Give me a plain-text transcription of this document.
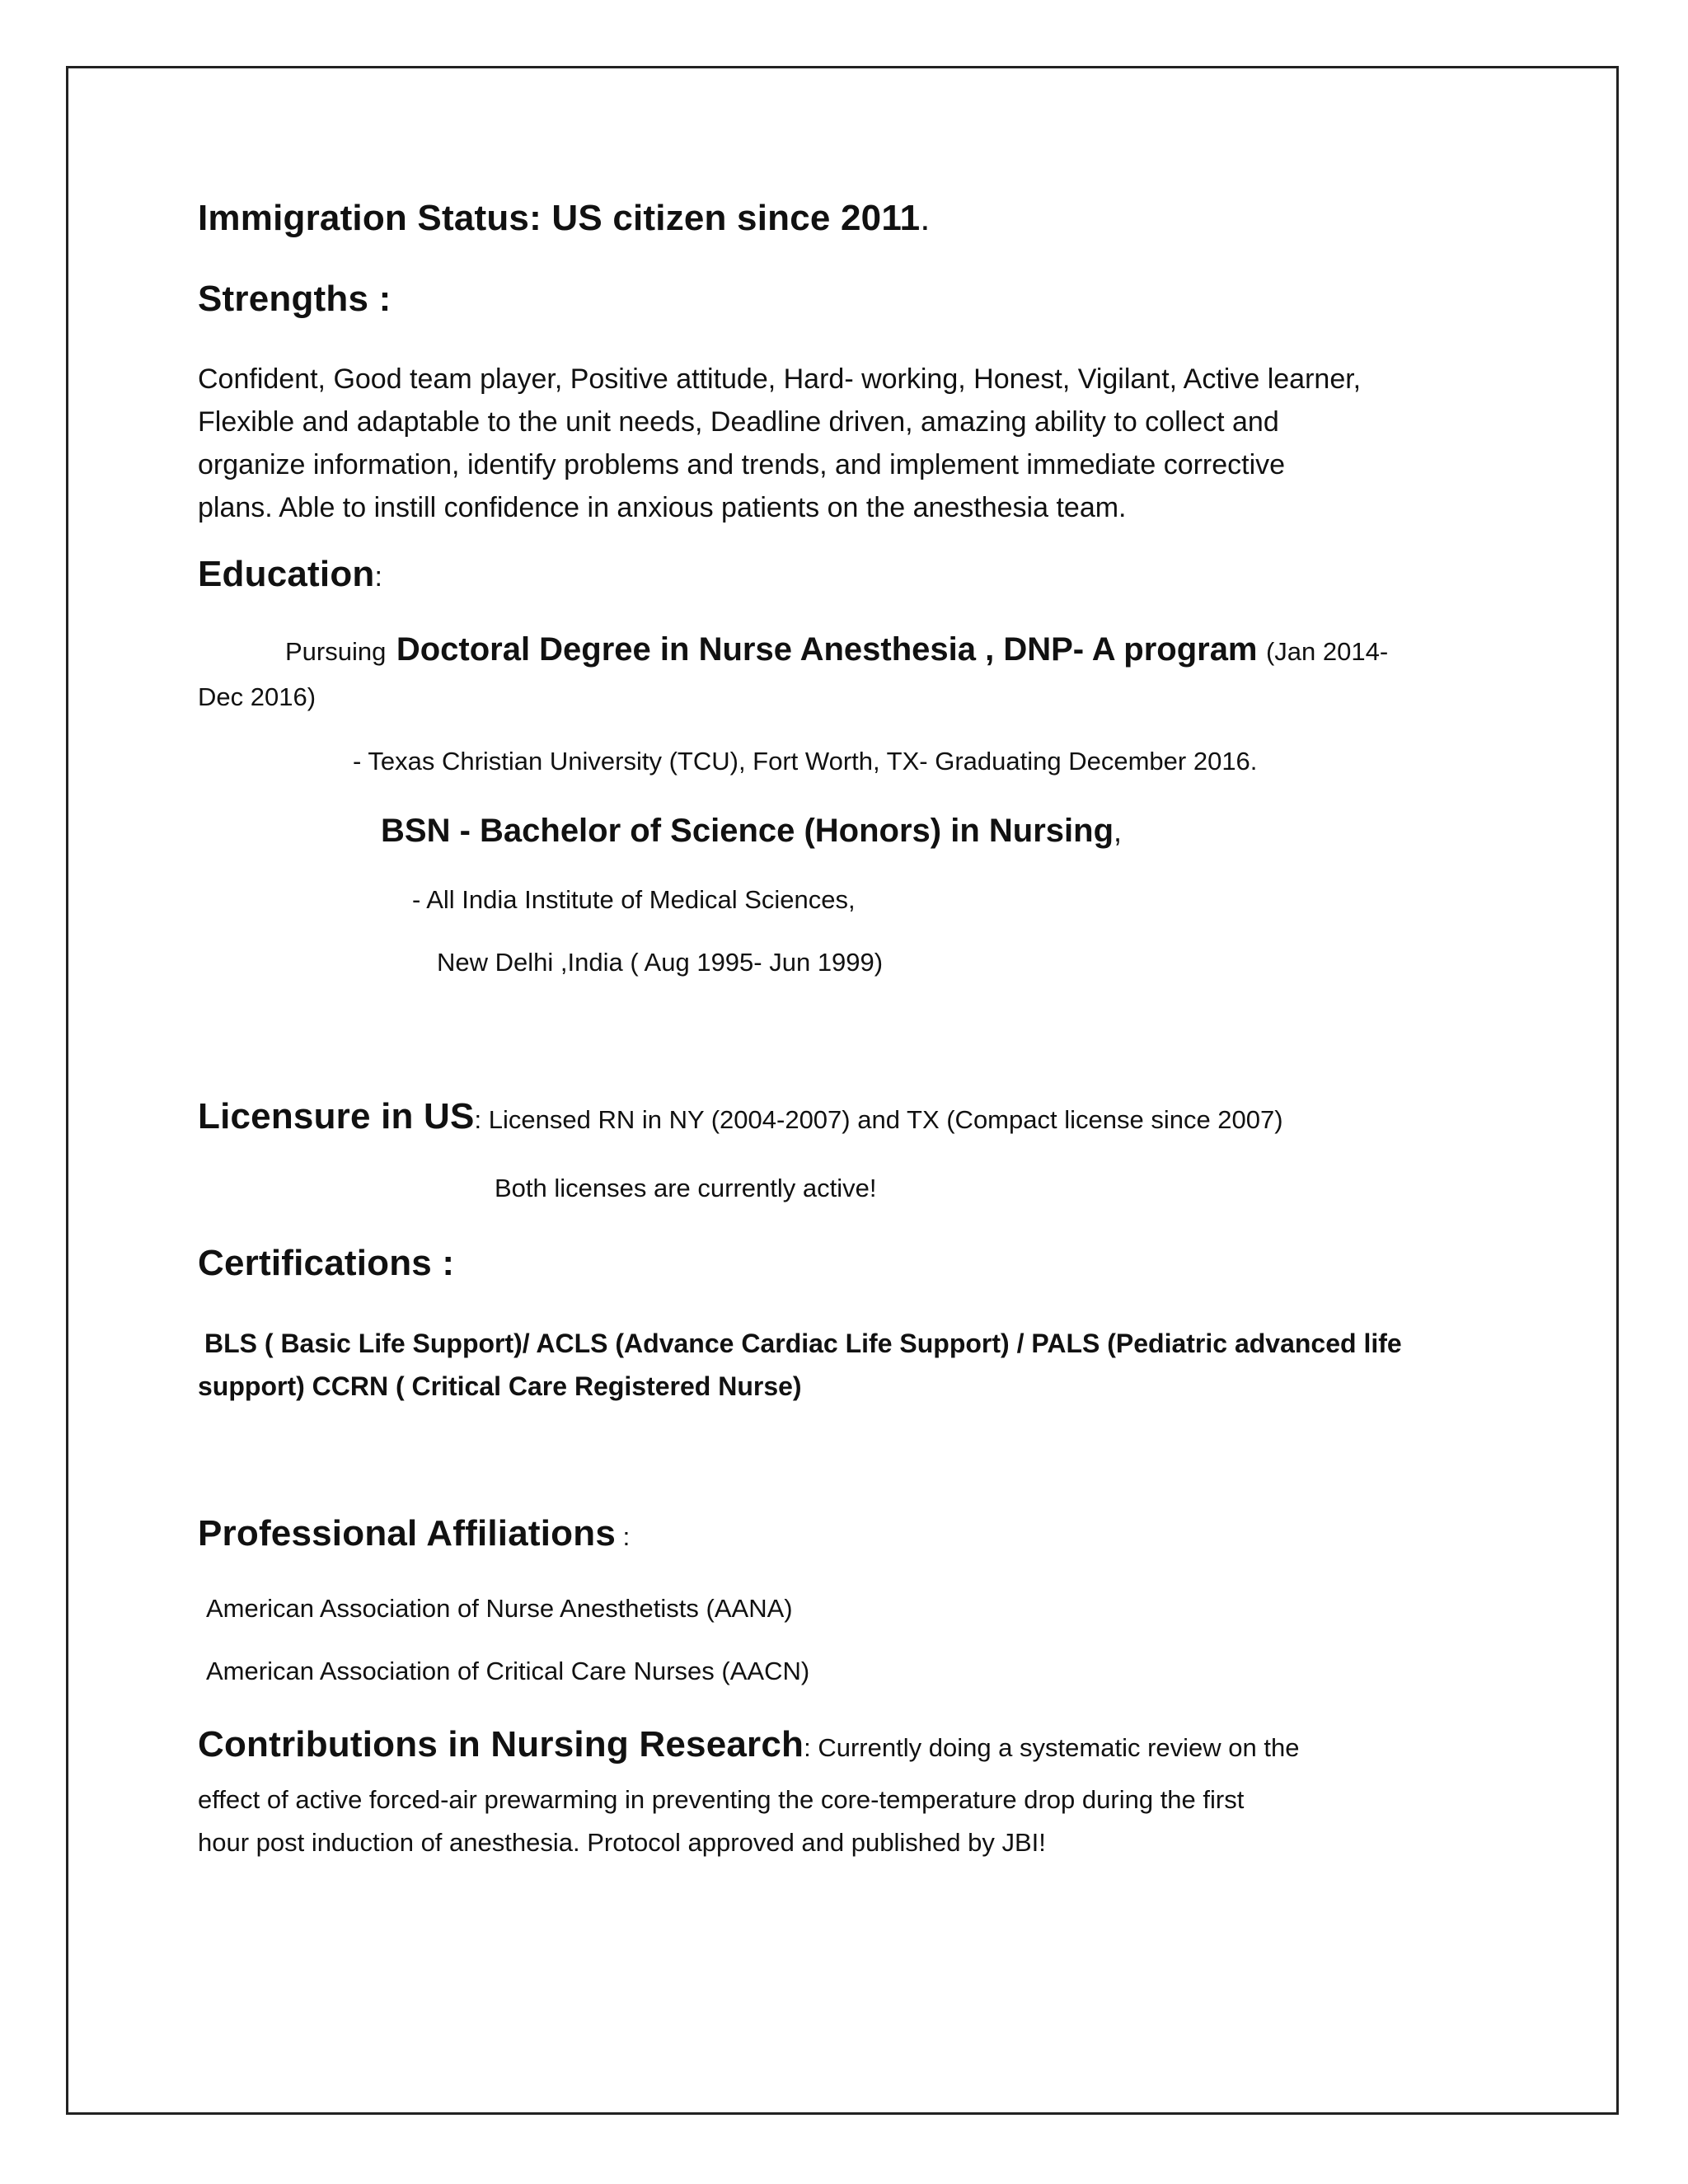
Immigration Status: US citizen since 2011.
Strengths :
Confident, Good team player, Positive attitude, Hard- working, Honest, Vigilant, Active learner,
Flexible and adaptable to the unit needs, Deadline driven, amazing ability to collect and
organize information, identify problems and trends, and implement immediate corrective
plans. Able to instill confidence in anxious patients on the anesthesia team.
Education:
Pursuing Doctoral Degree in Nurse Anesthesia , DNP- A program (Jan 2014-
Dec 2016)
- Texas Christian University (TCU), Fort Worth, TX- Graduating December 2016.
BSN - Bachelor of Science (Honors) in Nursing,
- All India Institute of Medical Sciences,
New Delhi ,India ( Aug 1995- Jun 1999)
Licensure in US: Licensed RN in NY (2004-2007) and TX (Compact license since 2007)
Both licenses are currently active!
Certifications :
BLS ( Basic Life Support)/ ACLS (Advance Cardiac Life Support) / PALS (Pediatric advanced life
support) CCRN ( Critical Care Registered Nurse)
Professional Affiliations :
American Association of Nurse Anesthetists (AANA)
American Association of Critical Care Nurses (AACN)
Contributions in Nursing Research: Currently doing a systematic review on the
effect of active forced-air prewarming in preventing the core-temperature drop during the first
hour post induction of anesthesia. Protocol approved and published by JBI!
